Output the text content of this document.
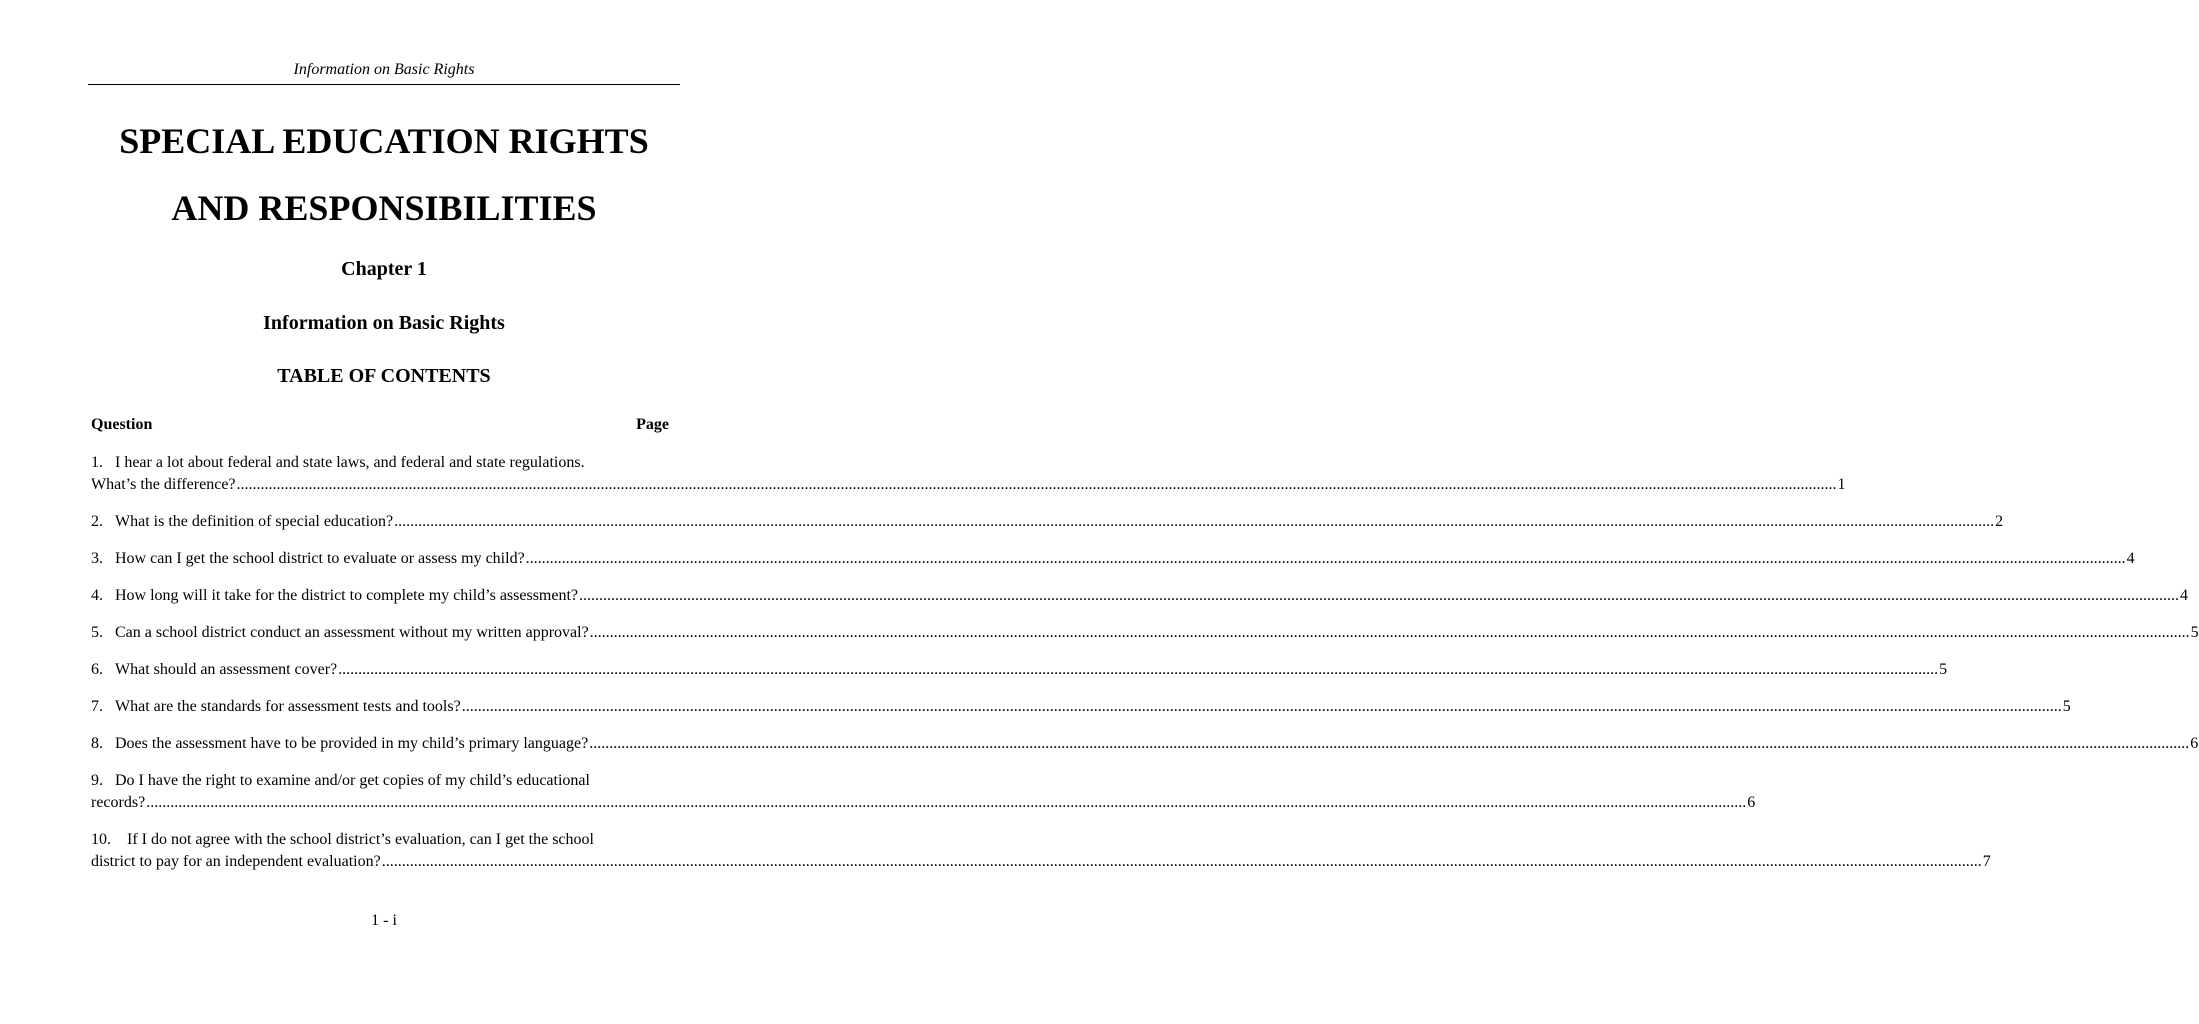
Information on Basic Rights
SPECIAL EDUCATION RIGHTS
AND RESPONSIBILITIES
Chapter 1
Information on Basic Rights
TABLE OF CONTENTS
Question	Page
1. I hear a lot about federal and state laws, and federal and state regulations.
What’s the difference? ................................................................................................................................................................................................................................................................................................................................................................................................................ 1
2. What is the definition of special education? ................................................................................................................................................................................................................................................................................................................................................................................................................ 2
3. How can I get the school district to evaluate or assess my child? ................................................................................................................................................................................................................................................................................................................................................................................................................ 4
4. How long will it take for the district to complete my child’s assessment? ................................................................................................................................................................................................................................................................................................................................................................................................................ 4
5. Can a school district conduct an assessment without my written approval? ................................................................................................................................................................................................................................................................................................................................................................................................................ 5
6. What should an assessment cover? ................................................................................................................................................................................................................................................................................................................................................................................................................ 5
7. What are the standards for assessment tests and tools? ................................................................................................................................................................................................................................................................................................................................................................................................................ 5
8. Does the assessment have to be provided in my child’s primary language? ................................................................................................................................................................................................................................................................................................................................................................................................................ 6
9. Do I have the right to examine and/or get copies of my child’s educational
records? ................................................................................................................................................................................................................................................................................................................................................................................................................ 6
10. If I do not agree with the school district’s evaluation, can I get the school
district to pay for an independent evaluation? ................................................................................................................................................................................................................................................................................................................................................................................................................ 7
1 - i
